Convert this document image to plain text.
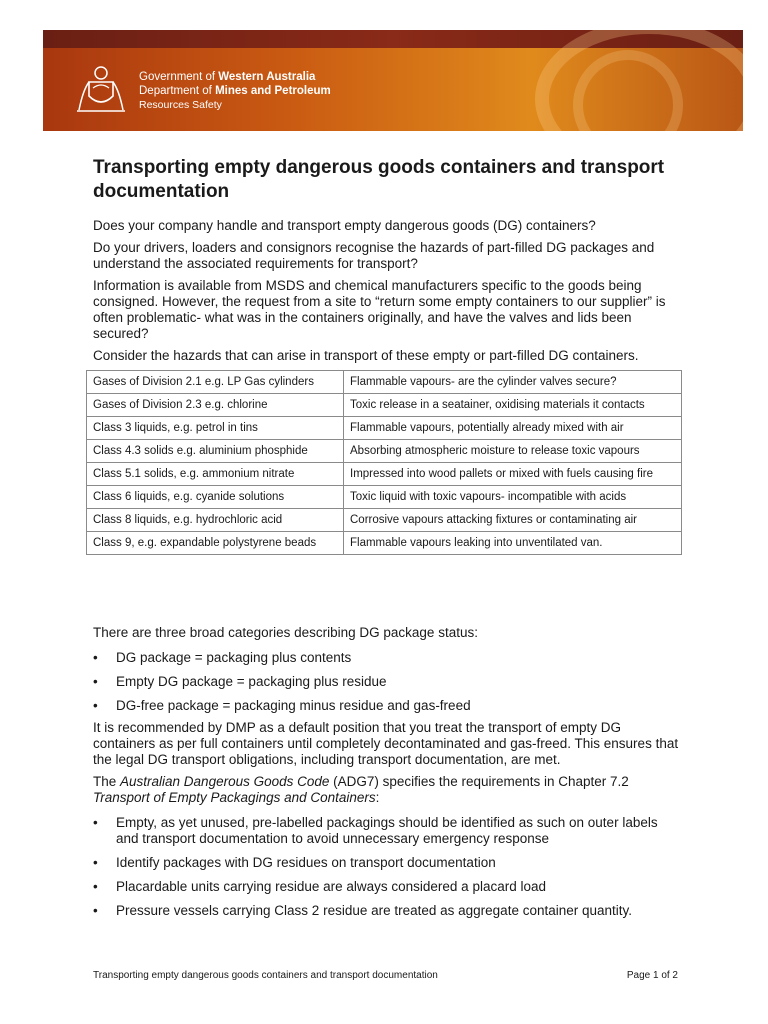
Government of Western Australia
Department of Mines and Petroleum
Resources Safety
Transporting empty dangerous goods containers and transport documentation

Does your company handle and transport empty dangerous goods (DG) containers?

Do your drivers, loaders and consignors recognise the hazards of part-filled DG packages and understand the associated requirements for transport?

Information is available from MSDS and chemical manufacturers specific to the goods being consigned. However, the request from a site to “return some empty containers to our supplier” is often problematic- what was in the containers originally, and have the valves and lids been secured?

Consider the hazards that can arise in transport of these empty or part-filled DG containers.

Gases of Division 2.1 e.g. LP Gas cylinders	Flammable vapours- are the cylinder valves secure?
Gases of Division 2.3 e.g. chlorine	Toxic release in a seatainer, oxidising materials it contacts
Class 3 liquids, e.g. petrol in tins	Flammable vapours, potentially already mixed with air
Class 4.3 solids e.g. aluminium phosphide	Absorbing atmospheric moisture to release toxic vapours
Class 5.1 solids, e.g. ammonium nitrate	Impressed into wood pallets or mixed with fuels causing fire
Class 6 liquids, e.g. cyanide solutions	Toxic liquid with toxic vapours- incompatible with acids
Class 8 liquids, e.g. hydrochloric acid	Corrosive vapours attacking fixtures or contaminating air
Class 9, e.g. expandable polystyrene beads	Flammable vapours leaking into unventilated van.

There are three broad categories describing DG package status:

• DG package = packaging plus contents
• Empty DG package = packaging plus residue
• DG-free package = packaging minus residue and gas-freed

It is recommended by DMP as a default position that you treat the transport of empty DG containers as per full containers until completely decontaminated and gas-freed. This ensures that the legal DG transport obligations, including transport documentation, are met.

The Australian Dangerous Goods Code (ADG7) specifies the requirements in Chapter 7.2 Transport of Empty Packagings and Containers:

• Empty, as yet unused, pre-labelled packagings should be identified as such on outer labels and transport documentation to avoid unnecessary emergency response
• Identify packages with DG residues on transport documentation
• Placardable units carrying residue are always considered a placard load
• Pressure vessels carrying Class 2 residue are treated as aggregate container quantity.
Transporting empty dangerous goods containers and transport documentation	Page 1 of 2
